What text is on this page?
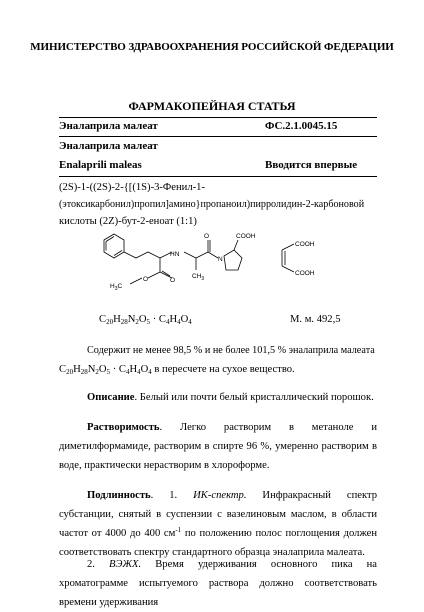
МИНИСТЕРСТВО ЗДРАВООХРАНЕНИЯ РОССИЙСКОЙ ФЕДЕРАЦИИ
ФАРМАКОПЕЙНАЯ СТАТЬЯ
Эналаприла малеат	ФС.2.1.0045.15
Эналаприла малеат
Enalaprili maleas	Вводится впервые
(2S)-1-((2S)-2-{[(1S)-3-Фенил-1-
(этоксикарбонил)пропил]амино}пропаноил)пирролидин-2-карбоновой
кислоты (2Z)-бут-2-еноат (1:1)
HN
O
N
COOH
$CH_3$
O
O
$H_3C$
COOH
COOH
$C_{20}H_{28}N_2O_5 \cdot C_4H_4O_4$	М. м. 492,5
Содержит не менее 98,5 % и не более 101,5 % эналаприла малеата
$C_{20}H_{28}N_2O_5 \cdot C_4H_4O_4$ в пересчете на сухое вещество.
Описание. Белый или почти белый кристаллический порошок.
Растворимость. Легко растворим в метаноле и диметилформамиде, растворим в спирте 96 %, умеренно растворим в воде, практически нерастворим в хлороформе.
Подлинность. 1. ИК-спектр. Инфракрасный спектр субстанции, снятый в суспензии с вазелиновым маслом, в области частот от 4000 до 400 $см^{-1}$ по положению полос поглощения должен соответствовать спектру стандартного образца эналаприла малеата.
2. ВЭЖХ. Время удерживания основного пика на хроматограмме испытуемого раствора должно соответствовать времени удерживания
